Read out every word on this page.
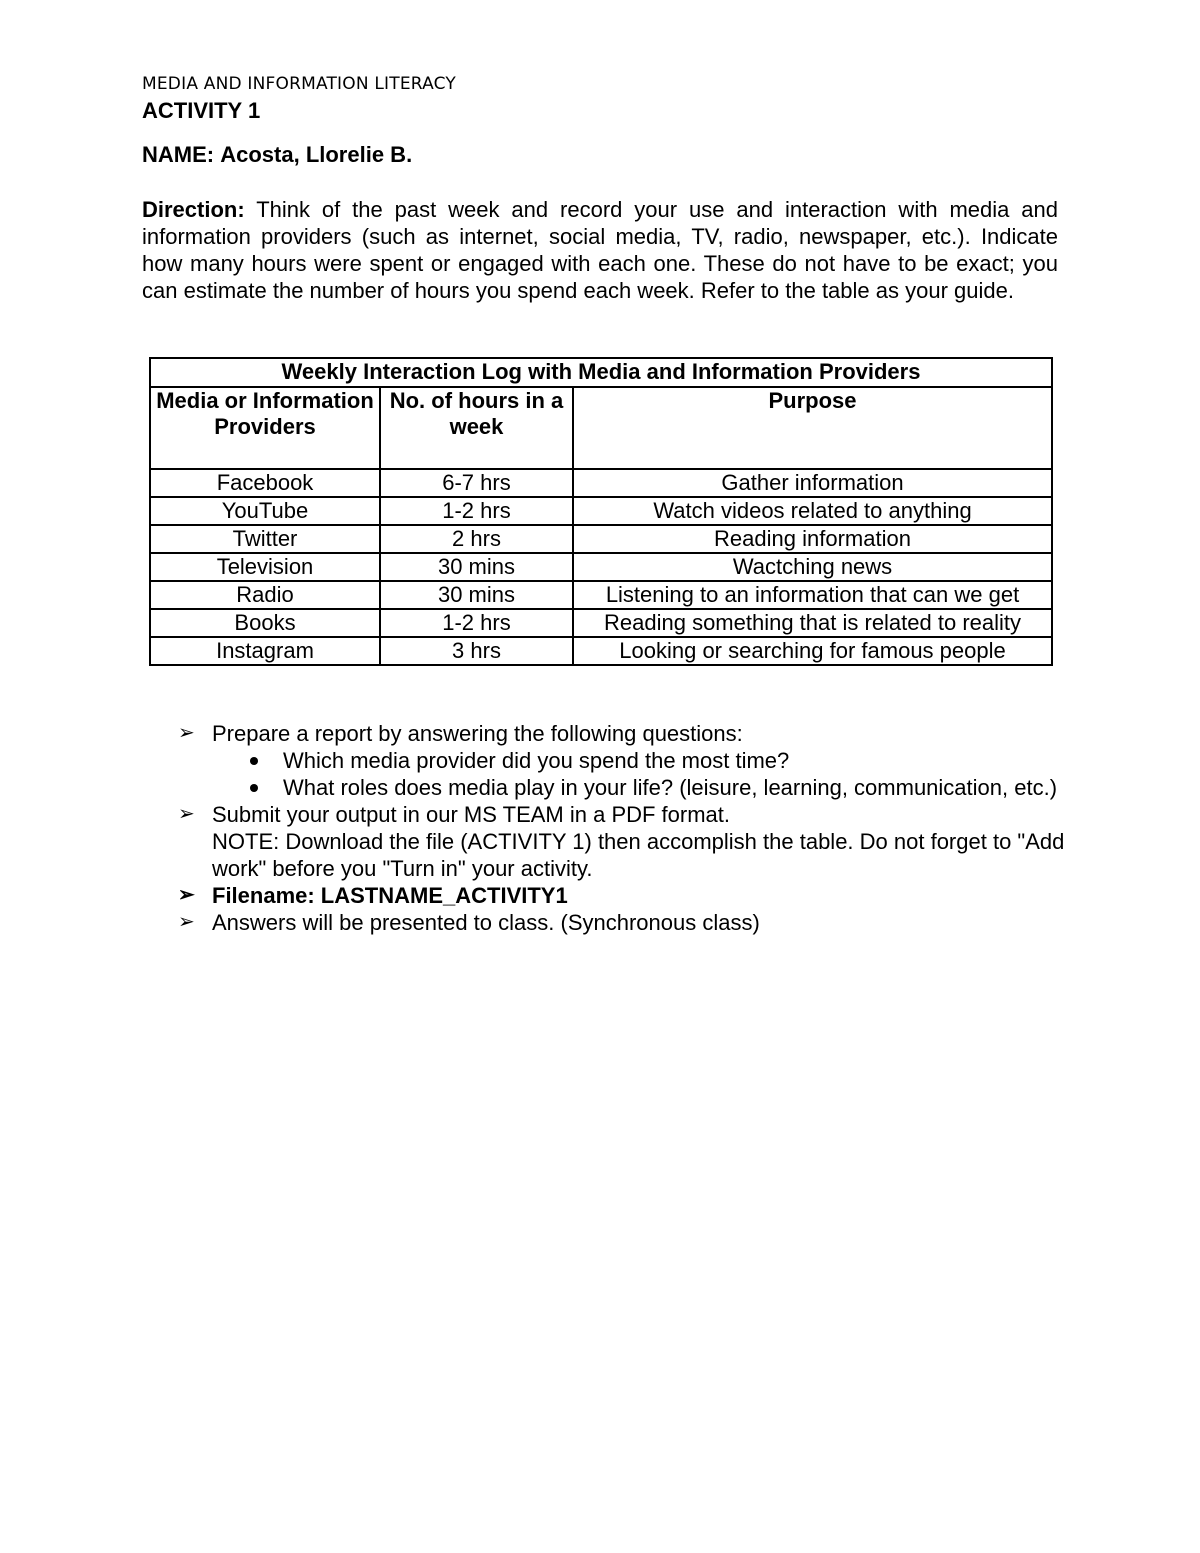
MEDIA AND INFORMATION LITERACY
ACTIVITY 1
NAME: Acosta, Llorelie B.
Direction: Think of the past week and record your use and interaction with media and information providers (such as internet, social media, TV, radio, newspaper, etc.). Indicate how many hours were spent or engaged with each one. These do not have to be exact; you can estimate the number of hours you spend each week. Refer to the table as your guide.
Weekly Interaction Log with Media and Information Providers		
Media or Information Providers	No. of hours in a week	Purpose
Facebook	6-7 hrs	Gather information
YouTube	1-2 hrs	Watch videos related to anything
Twitter	2 hrs	Reading information
Television	30 mins	Wactching news
Radio	30 mins	Listening to an information that can we get
Books	1-2 hrs	Reading something that is related to reality
Instagram	3 hrs	Looking or searching for famous people
➢ Prepare a report by answering the following questions:
Which media provider did you spend the most time?
What roles does media play in your life? (leisure, learning, communication, etc.)
➢ Submit your output in our MS TEAM in a PDF format.
NOTE: Download the file (ACTIVITY 1) then accomplish the table. Do not forget to "Add work" before you "Turn in" your activity.
➢ Filename: LASTNAME_ACTIVITY1
➢ Answers will be presented to class. (Synchronous class)
